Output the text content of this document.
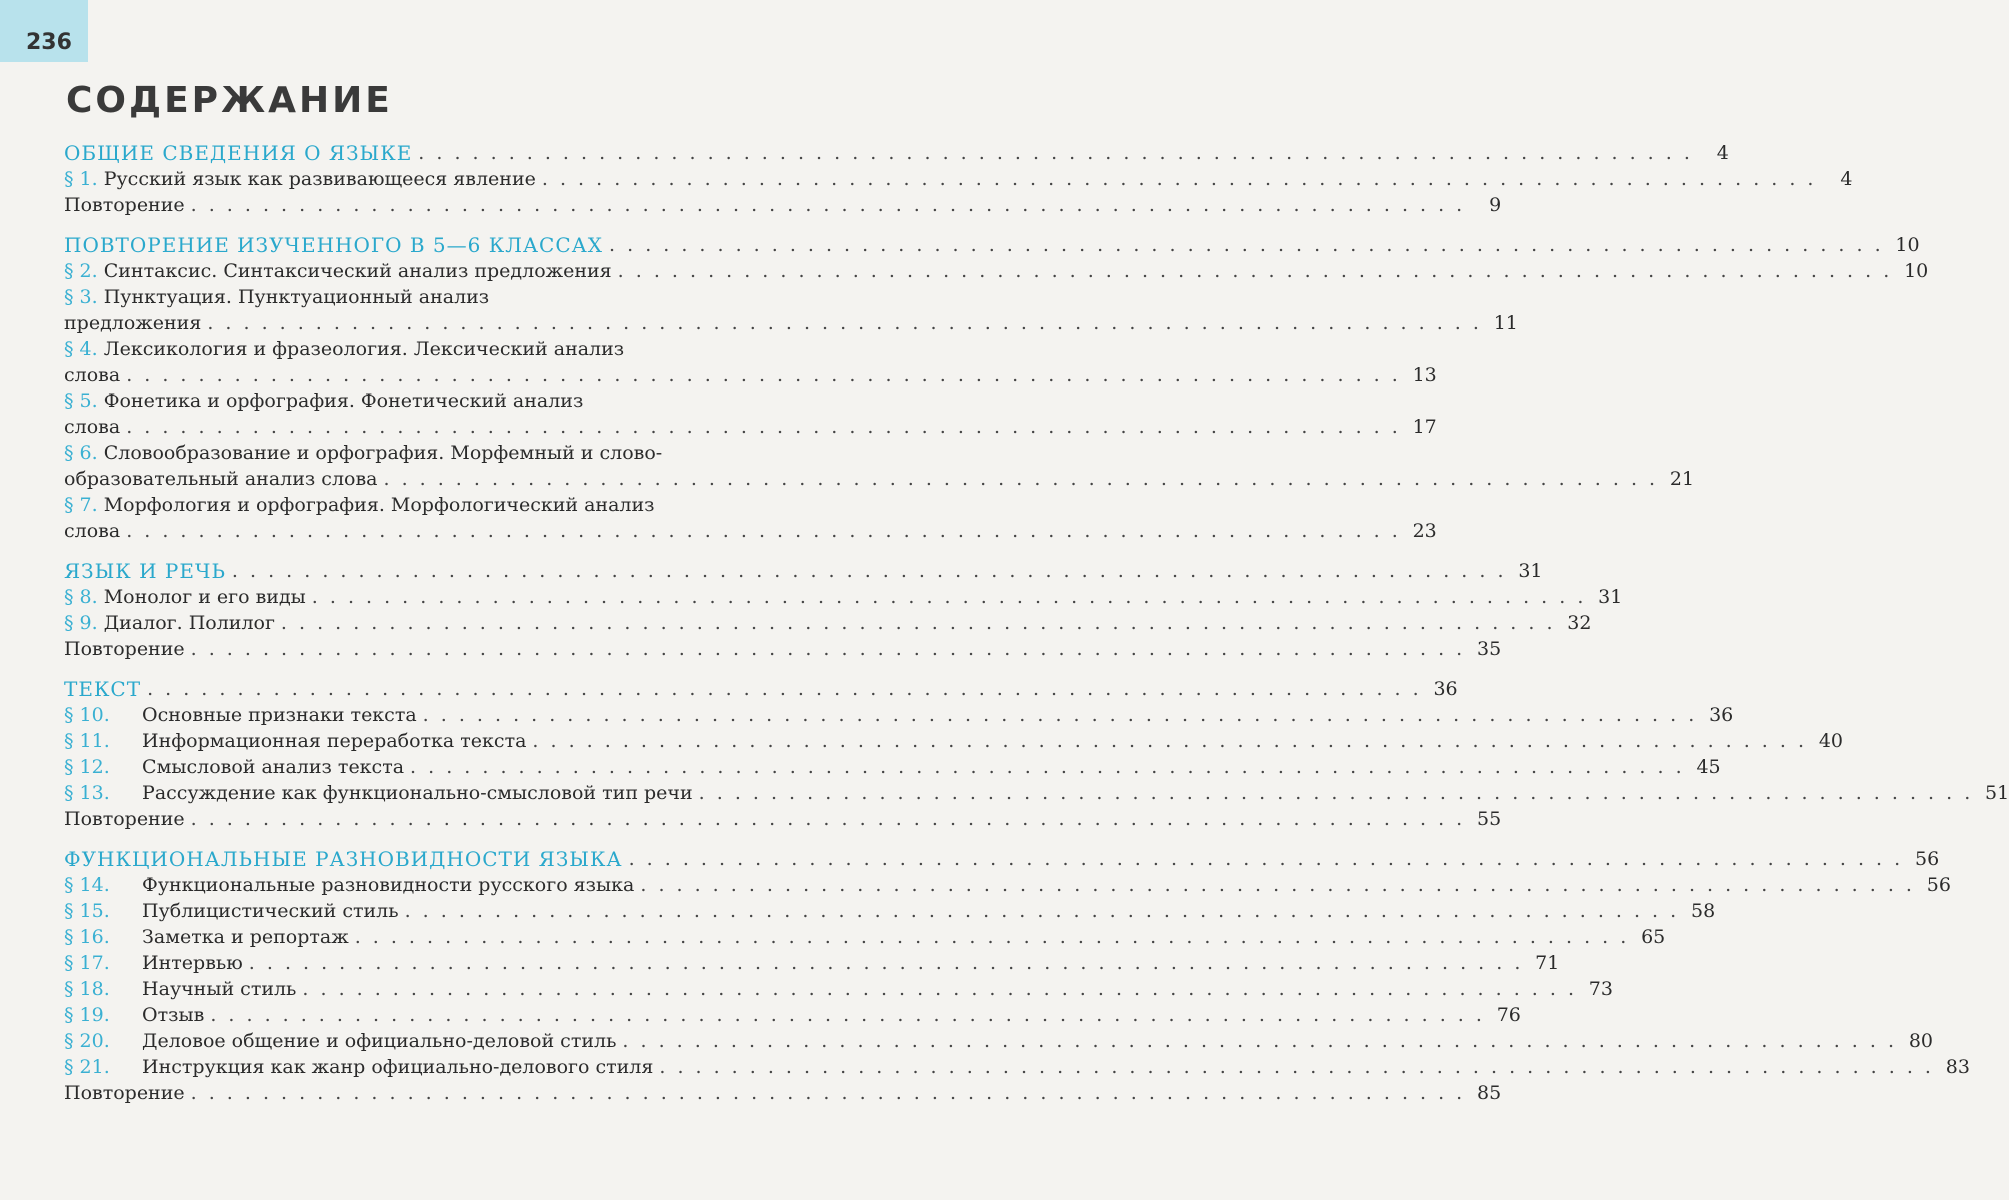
236
СОДЕРЖАНИЕ
ОБЩИЕ СВЕДЕНИЯ О ЯЗЫКЕ . . . . . . . . . . . . . . . . . . . . . . . . . . . . . . . . . . . . . . . . . . . . . . . . . . . . . . . . . . . . . . . . . . . . . . .	4
§ 1. Русский язык как развивающееся явление . . . . . . . . . . . . . . . . . . . . . . . . . . . . . . . . . . . . . . . . . . . . . . . . . . . . . . . . . . . . . . . . . . . . . . .	4
Повторение . . . . . . . . . . . . . . . . . . . . . . . . . . . . . . . . . . . . . . . . . . . . . . . . . . . . . . . . . . . . . . . . . . . . . . .	9
ПОВТОРЕНИЕ ИЗУЧЕННОГО В 5—6 КЛАССАХ . . . . . . . . . . . . . . . . . . . . . . . . . . . . . . . . . . . . . . . . . . . . . . . . . . . . . . . . . . . . . . . . . . . . . . . 10
§ 2. Синтаксис. Синтаксический анализ предложения . . . . . . . . . . . . . . . . . . . . . . . . . . . . . . . . . . . . . . . . . . . . . . . . . . . . . . . . . . . . . . . . . . . . . . . 10
§ 3. Пунктуация. Пунктуационный анализ
предложения . . . . . . . . . . . . . . . . . . . . . . . . . . . . . . . . . . . . . . . . . . . . . . . . . . . . . . . . . . . . . . . . . . . . . . . 11
§ 4. Лексикология и фразеология. Лексический анализ
слова . . . . . . . . . . . . . . . . . . . . . . . . . . . . . . . . . . . . . . . . . . . . . . . . . . . . . . . . . . . . . . . . . . . . . . . 13
§ 5. Фонетика и орфография. Фонетический анализ
слова . . . . . . . . . . . . . . . . . . . . . . . . . . . . . . . . . . . . . . . . . . . . . . . . . . . . . . . . . . . . . . . . . . . . . . . 17
§ 6. Словообразование и орфография. Морфемный и слово-
образовательный анализ слова . . . . . . . . . . . . . . . . . . . . . . . . . . . . . . . . . . . . . . . . . . . . . . . . . . . . . . . . . . . . . . . . . . . . . . . 21
§ 7. Морфология и орфография. Морфологический анализ
слова . . . . . . . . . . . . . . . . . . . . . . . . . . . . . . . . . . . . . . . . . . . . . . . . . . . . . . . . . . . . . . . . . . . . . . . 23
ЯЗЫК И РЕЧЬ . . . . . . . . . . . . . . . . . . . . . . . . . . . . . . . . . . . . . . . . . . . . . . . . . . . . . . . . . . . . . . . . . . . . . . . 31
§ 8. Монолог и его виды . . . . . . . . . . . . . . . . . . . . . . . . . . . . . . . . . . . . . . . . . . . . . . . . . . . . . . . . . . . . . . . . . . . . . . . 31
§ 9. Диалог. Полилог . . . . . . . . . . . . . . . . . . . . . . . . . . . . . . . . . . . . . . . . . . . . . . . . . . . . . . . . . . . . . . . . . . . . . . . 32
Повторение . . . . . . . . . . . . . . . . . . . . . . . . . . . . . . . . . . . . . . . . . . . . . . . . . . . . . . . . . . . . . . . . . . . . . . . 35
ТЕКСТ . . . . . . . . . . . . . . . . . . . . . . . . . . . . . . . . . . . . . . . . . . . . . . . . . . . . . . . . . . . . . . . . . . . . . . . 36
§ 10. Основные признаки текста . . . . . . . . . . . . . . . . . . . . . . . . . . . . . . . . . . . . . . . . . . . . . . . . . . . . . . . . . . . . . . . . . . . . . . . 36
§ 11. Информационная переработка текста . . . . . . . . . . . . . . . . . . . . . . . . . . . . . . . . . . . . . . . . . . . . . . . . . . . . . . . . . . . . . . . . . . . . . . . 40
§ 12. Смысловой анализ текста . . . . . . . . . . . . . . . . . . . . . . . . . . . . . . . . . . . . . . . . . . . . . . . . . . . . . . . . . . . . . . . . . . . . . . . 45
§ 13. Рассуждение как функционально-смысловой тип речи . . . . . . . . . . . . . . . . . . . . . . . . . . . . . . . . . . . . . . . . . . . . . . . . . . . . . . . . . . . . . . . . . . . . . . . 51
Повторение . . . . . . . . . . . . . . . . . . . . . . . . . . . . . . . . . . . . . . . . . . . . . . . . . . . . . . . . . . . . . . . . . . . . . . . 55
ФУНКЦИОНАЛЬНЫЕ РАЗНОВИДНОСТИ ЯЗЫКА . . . . . . . . . . . . . . . . . . . . . . . . . . . . . . . . . . . . . . . . . . . . . . . . . . . . . . . . . . . . . . . . . . . . . . . 56
§ 14. Функциональные разновидности русского языка . . . . . . . . . . . . . . . . . . . . . . . . . . . . . . . . . . . . . . . . . . . . . . . . . . . . . . . . . . . . . . . . . . . . . . . 56
§ 15. Публицистический стиль . . . . . . . . . . . . . . . . . . . . . . . . . . . . . . . . . . . . . . . . . . . . . . . . . . . . . . . . . . . . . . . . . . . . . . . 58
§ 16. Заметка и репортаж . . . . . . . . . . . . . . . . . . . . . . . . . . . . . . . . . . . . . . . . . . . . . . . . . . . . . . . . . . . . . . . . . . . . . . . 65
§ 17. Интервью . . . . . . . . . . . . . . . . . . . . . . . . . . . . . . . . . . . . . . . . . . . . . . . . . . . . . . . . . . . . . . . . . . . . . . . 71
§ 18. Научный стиль . . . . . . . . . . . . . . . . . . . . . . . . . . . . . . . . . . . . . . . . . . . . . . . . . . . . . . . . . . . . . . . . . . . . . . . 73
§ 19. Отзыв . . . . . . . . . . . . . . . . . . . . . . . . . . . . . . . . . . . . . . . . . . . . . . . . . . . . . . . . . . . . . . . . . . . . . . . 76
§ 20. Деловое общение и официально-деловой стиль . . . . . . . . . . . . . . . . . . . . . . . . . . . . . . . . . . . . . . . . . . . . . . . . . . . . . . . . . . . . . . . . . . . . . . . 80
§ 21. Инструкция как жанр официально-делового стиля . . . . . . . . . . . . . . . . . . . . . . . . . . . . . . . . . . . . . . . . . . . . . . . . . . . . . . . . . . . . . . . . . . . . . . . 83
Повторение . . . . . . . . . . . . . . . . . . . . . . . . . . . . . . . . . . . . . . . . . . . . . . . . . . . . . . . . . . . . . . . . . . . . . . . 85
